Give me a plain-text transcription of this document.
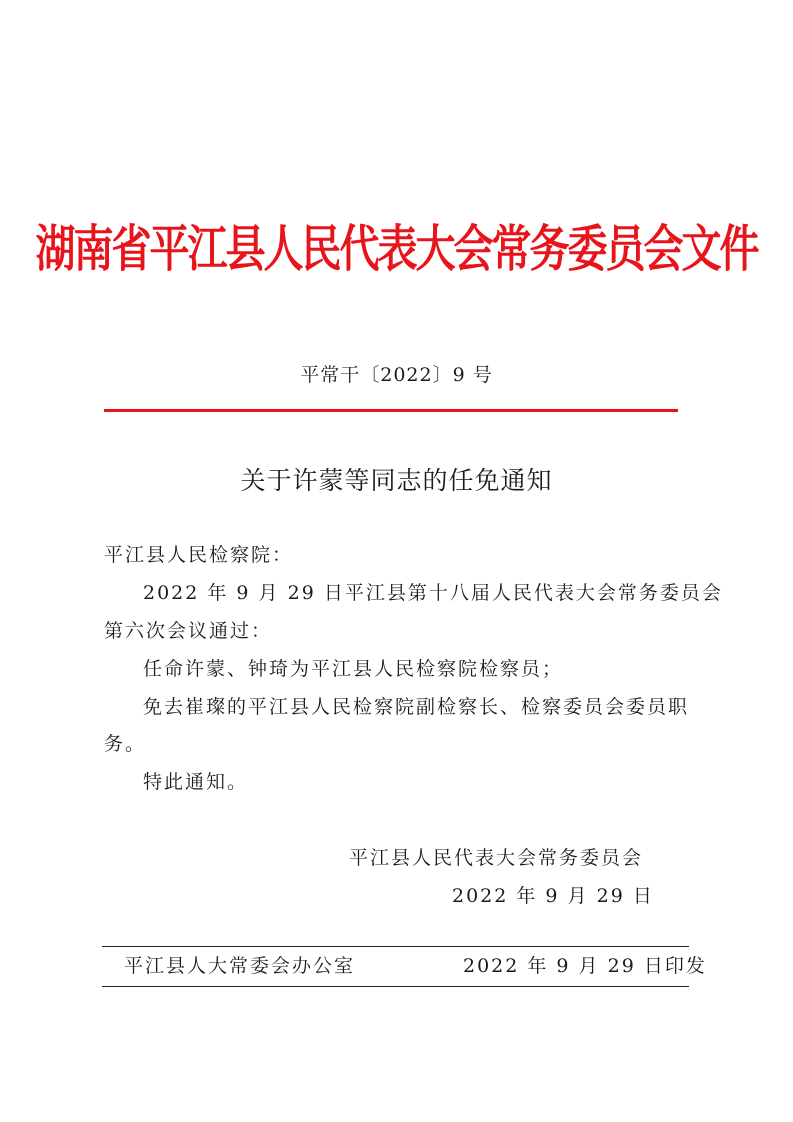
湖南省平江县人民代表大会常务委员会文件
平常干〔2022〕9 号
关于许蒙等同志的任免通知
平江县人民检察院：
2022 年 9 月 29 日平江县第十八届人民代表大会常务委员会
第六次会议通过：
任命许蒙、钟琦为平江县人民检察院检察员；
免去崔璨的平江县人民检察院副检察长、检察委员会委员职
务。
特此通知。
平江县人民代表大会常务委员会
2022 年 9 月 29 日
平江县人大常委会办公室	2022 年 9 月 29 日印发
